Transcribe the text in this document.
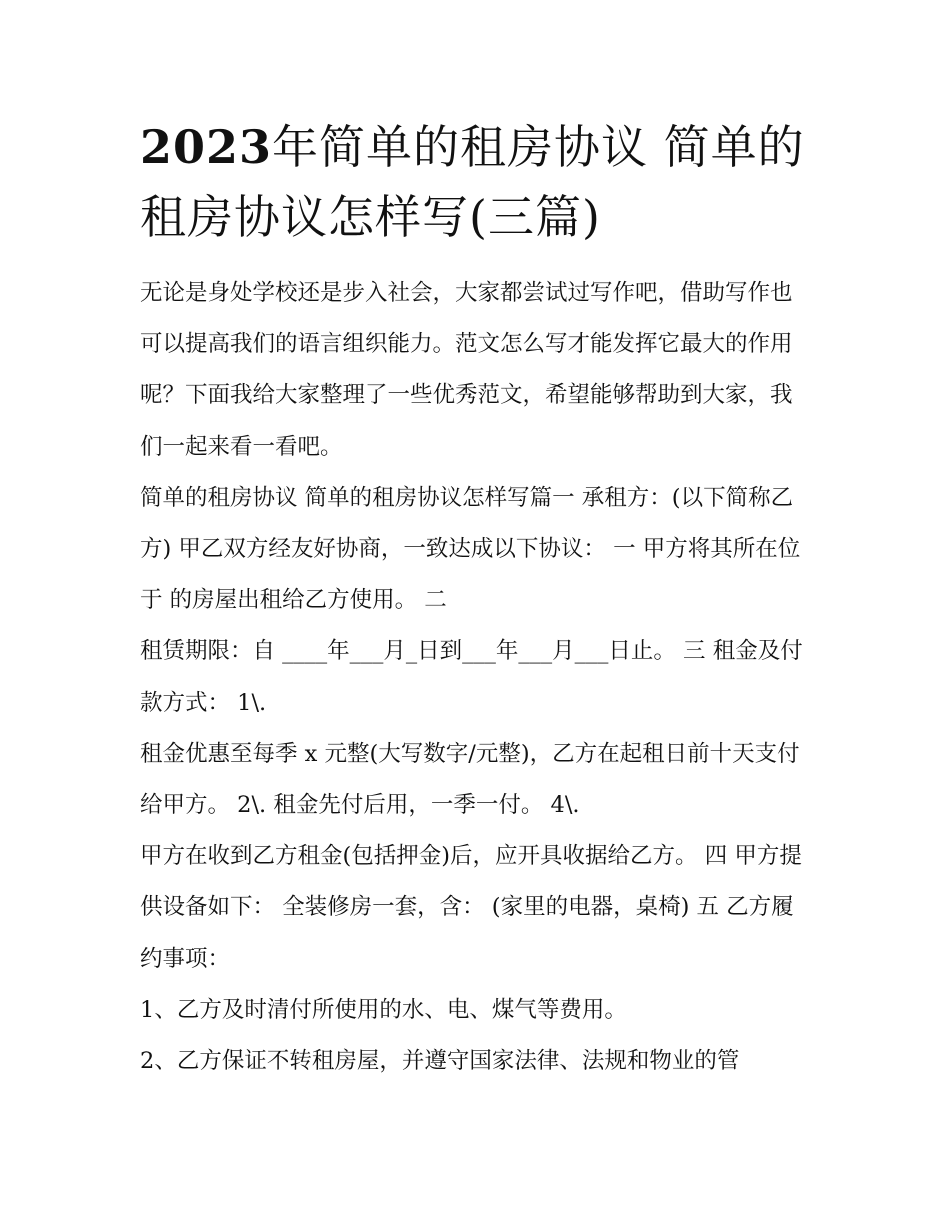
2023年简单的租房协议 简单的租房协议怎样写(三篇)

无论是身处学校还是步入社会，大家都尝试过写作吧，借助写作也可以提高我们的语言组织能力。范文怎么写才能发挥它最大的作用呢？下面我给大家整理了一些优秀范文，希望能够帮助到大家，我们一起来看一看吧。

简单的租房协议 简单的租房协议怎样写篇一 承租方：(以下简称乙方) 甲乙双方经友好协商，一致达成以下协议： 一 甲方将其所在位于 的房屋出租给乙方使用。 二

租赁期限：自 ____年___月_日到___年___月___日止。 三 租金及付款方式： 1\.

租金优惠至每季 x 元整(大写数字/元整)，乙方在起租日前十天支付给甲方。 2\. 租金先付后用，一季一付。 4\.

甲方在收到乙方租金(包括押金)后，应开具收据给乙方。 四 甲方提供设备如下： 全装修房一套，含： (家里的电器，桌椅) 五 乙方履约事项：

1、乙方及时清付所使用的水、电、煤气等费用。

2、乙方保证不转租房屋，并遵守国家法律、法规和物业的管
